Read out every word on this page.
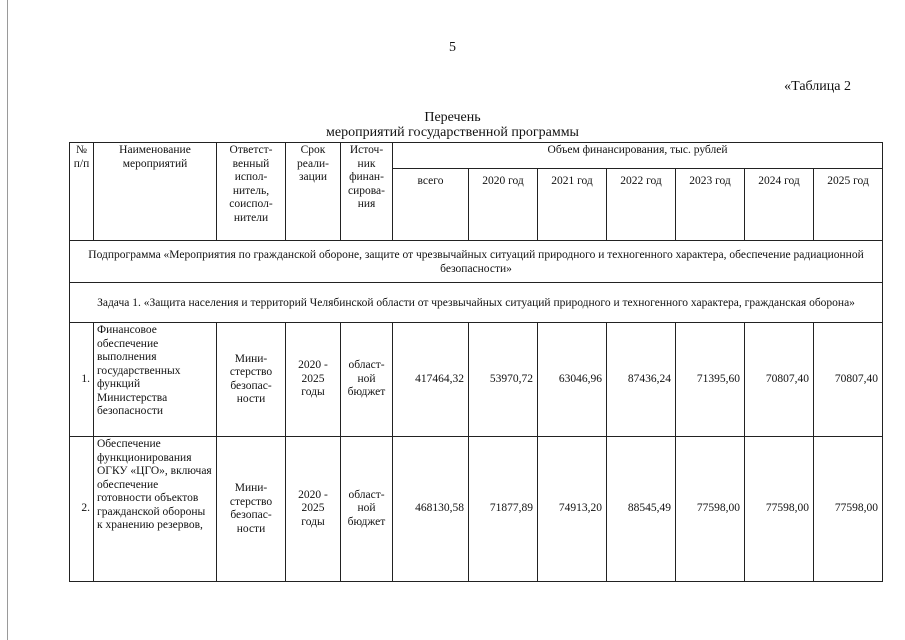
5
«Таблица 2
Перечень
мероприятий государственной программы
№ п/п	Наименование мероприятий	Ответст-венный испол-нитель, соиспол-нители	Срок реали-зации	Источ-ник финан-сирова-ния	Объем финансирования, тыс. рублей						
					всего	2020 год	2021 год	2022 год	2023 год	2024 год	2025 год
Подпрограмма «Мероприятия по гражданской обороне, защите от чрезвычайных ситуаций природного и техногенного характера, обеспечение радиационной безопасности»											
Задача 1. «Защита населения и территорий Челябинской области от чрезвычайных ситуаций природного и техногенного характера, гражданская оборона»											
1.	Финансовое обеспечение выполнения государственных функций Министерства безопасности	Мини-стерство безопас-ности	2020 - 2025 годы	област-ной бюджет	417464,32	53970,72	63046,96	87436,24	71395,60	70807,40	70807,40
2.	Обеспечение функционирования ОГКУ «ЦГО», включая обеспечение готовности объектов гражданской обороны к хранению резервов,	Мини-стерство безопас-ности	2020 - 2025 годы	област-ной бюджет	468130,58	71877,89	74913,20	88545,49	77598,00	77598,00	77598,00
